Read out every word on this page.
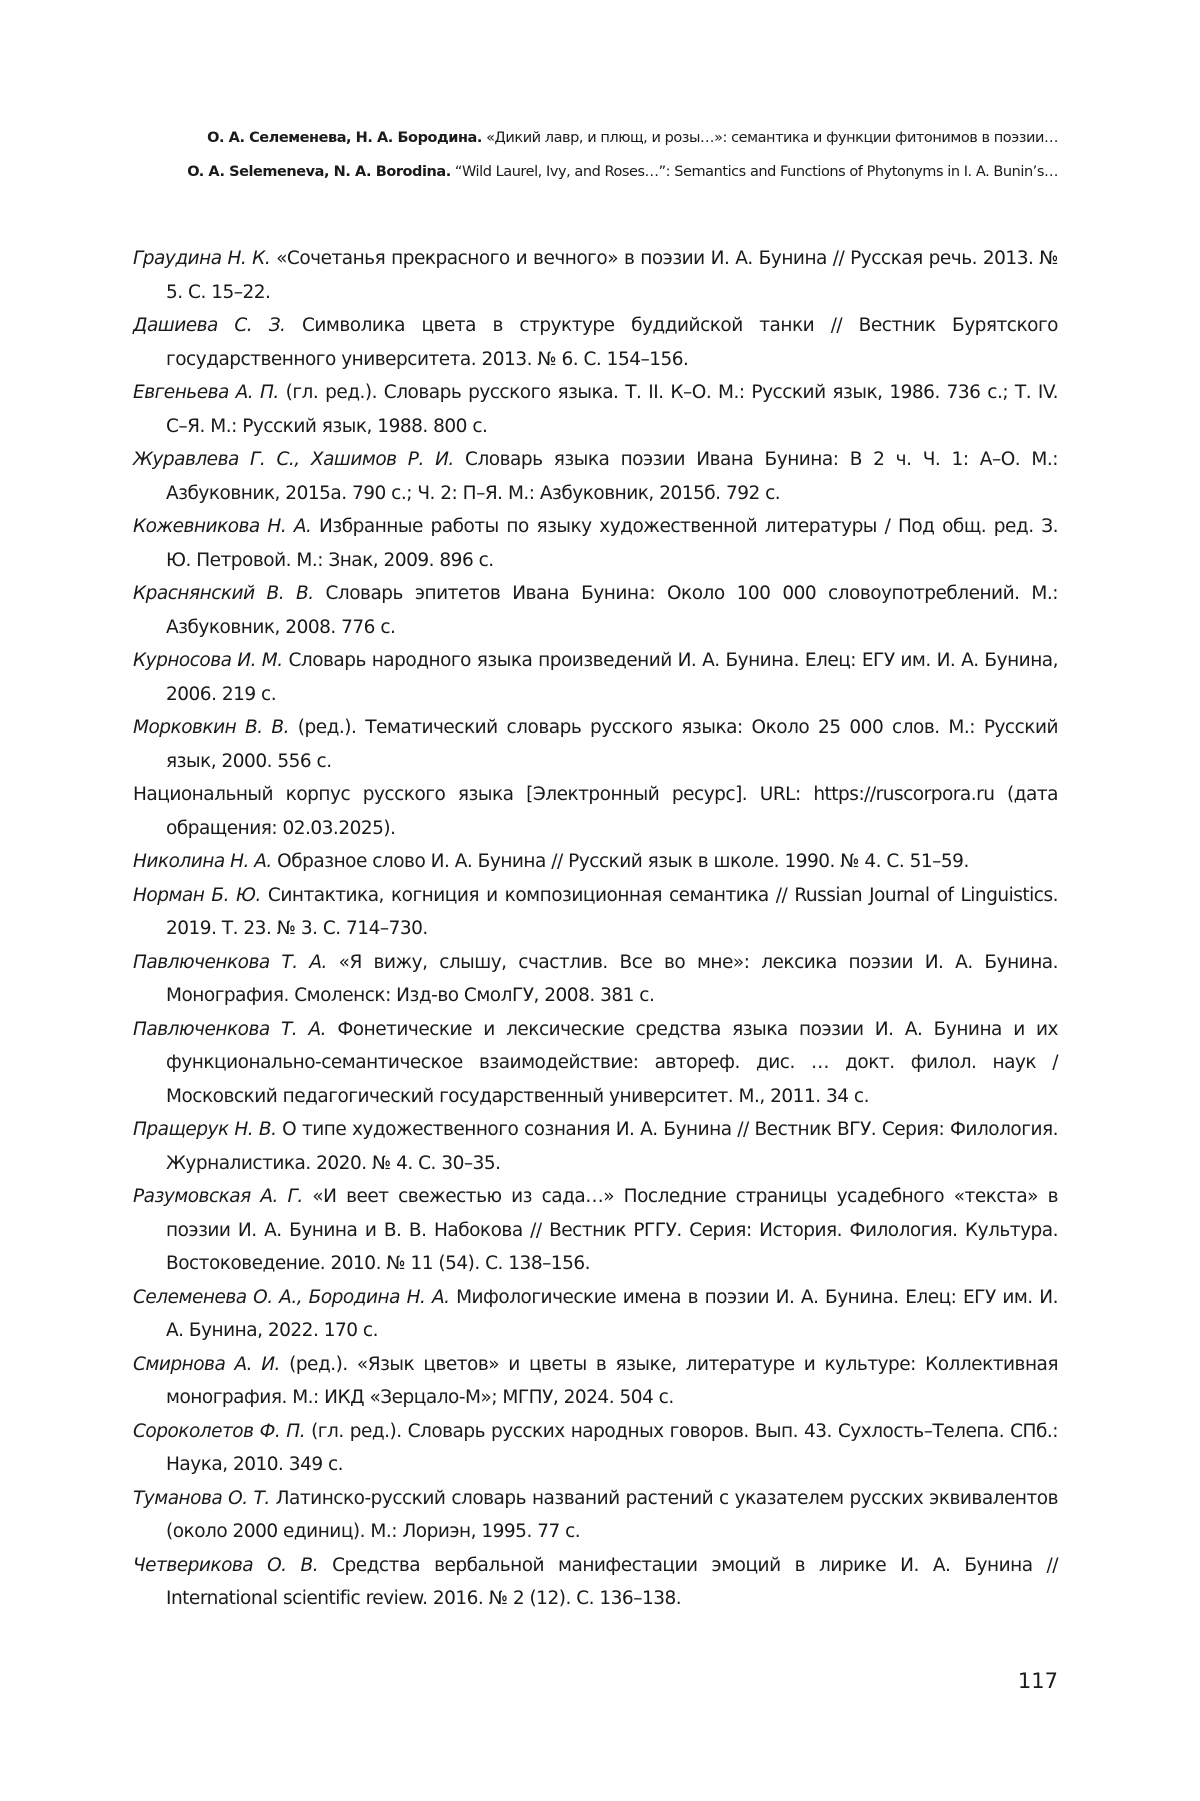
О. А. Селеменева, Н. А. Бородина. «Дикий лавр, и плющ, и розы…»: семантика и функции фитонимов в поэзии…
O. A. Selemeneva, N. A. Borodina. “Wild Laurel, Ivy, and Roses…”: Semantics and Functions of Phytonyms in I. A. Bunin’s…
Граудина Н. К. «Сочетанья прекрасного и вечного» в поэзии И. А. Бунина // Русская речь. 2013. № 5. С. 15–22.
Дашиева С. З. Символика цвета в структуре буддийской танки // Вестник Бурятского государственного университета. 2013. № 6. С. 154–156.
Евгеньева А. П. (гл. ред.). Словарь русского языка. Т. II. К–О. М.: Русский язык, 1986. 736 с.; Т. IV. С–Я. М.: Русский язык, 1988. 800 с.
Журавлева Г. С., Хашимов Р. И. Словарь языка поэзии Ивана Бунина: В 2 ч. Ч. 1: А–О. М.: Азбуковник, 2015а. 790 с.; Ч. 2: П–Я. М.: Азбуковник, 2015б. 792 с.
Кожевникова Н. А. Избранные работы по языку художественной литературы / Под общ. ред. З. Ю. Петровой. М.: Знак, 2009. 896 с.
Краснянский В. В. Словарь эпитетов Ивана Бунина: Около 100 000 словоупотреблений. М.: Азбуковник, 2008. 776 с.
Курносова И. М. Словарь народного языка произведений И. А. Бунина. Елец: ЕГУ им. И. А. Бунина, 2006. 219 с.
Морковкин В. В. (ред.). Тематический словарь русского языка: Около 25 000 слов. М.: Русский язык, 2000. 556 с.
Национальный корпус русского языка [Электронный ресурс]. URL: https://ruscorpora.ru (дата обращения: 02.03.2025).
Николина Н. А. Образное слово И. А. Бунина // Русский язык в школе. 1990. № 4. С. 51–59.
Норман Б. Ю. Синтактика, когниция и композиционная семантика // Russian Journal of Linguistics. 2019. Т. 23. № 3. С. 714–730.
Павлюченкова Т. А. «Я вижу, слышу, счастлив. Все во мне»: лексика поэзии И. А. Бунина. Монография. Смоленск: Изд-во СмолГУ, 2008. 381 с.
Павлюченкова Т. А. Фонетические и лексические средства языка поэзии И. А. Бунина и их функционально-семантическое взаимодействие: автореф. дис. … докт. филол. наук / Московский педагогический государственный университет. М., 2011. 34 с.
Пращерук Н. В. О типе художественного сознания И. А. Бунина // Вестник ВГУ. Серия: Филология. Журналистика. 2020. № 4. С. 30–35.
Разумовская А. Г. «И веет свежестью из сада…» Последние страницы усадебного «текста» в поэзии И. А. Бунина и В. В. Набокова // Вестник РГГУ. Серия: История. Филология. Культура. Востоковедение. 2010. № 11 (54). С. 138–156.
Селеменева О. А., Бородина Н. А. Мифологические имена в поэзии И. А. Бунина. Елец: ЕГУ им. И. А. Бунина, 2022. 170 с.
Смирнова А. И. (ред.). «Язык цветов» и цветы в языке, литературе и культуре: Коллективная монография. М.: ИКД «Зерцало-М»; МГПУ, 2024. 504 с.
Сороколетов Ф. П. (гл. ред.). Словарь русских народных говоров. Вып. 43. Сухлость–Телепа. СПб.: Наука, 2010. 349 с.
Туманова О. Т. Латинско-русский словарь названий растений с указателем русских эквивалентов (около 2000 единиц). М.: Лориэн, 1995. 77 с.
Четверикова О. В. Средства вербальной манифестации эмоций в лирике И. А. Бунина // International scientific review. 2016. № 2 (12). С. 136–138.
117
